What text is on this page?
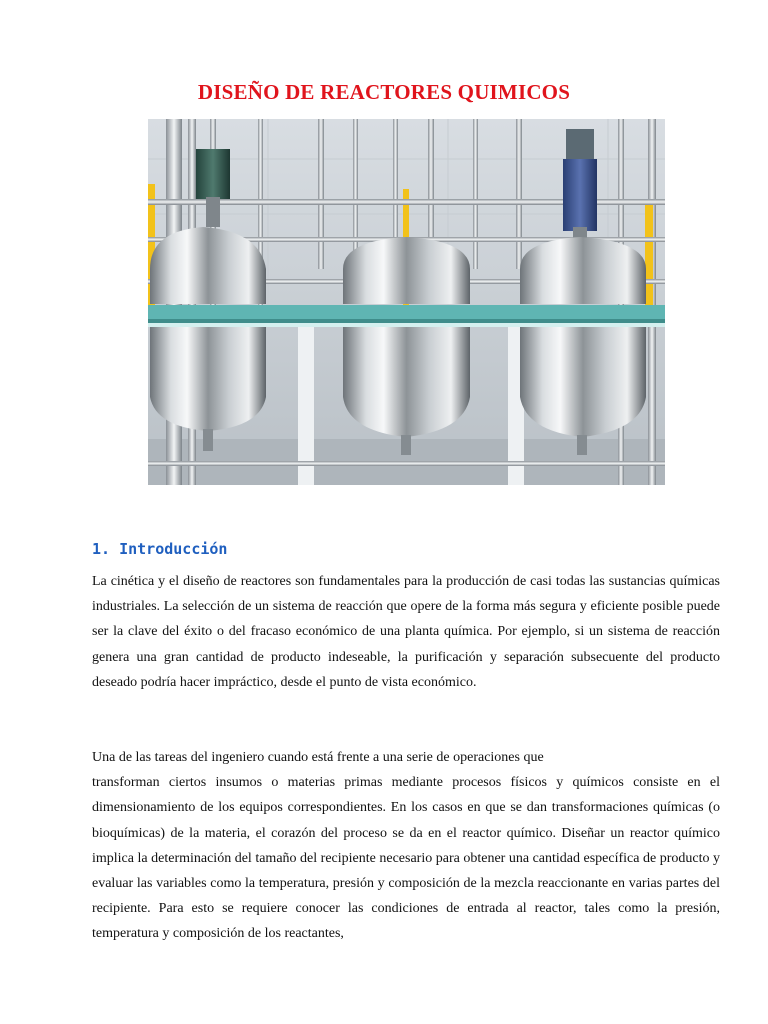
DISEÑO DE REACTORES QUIMICOS
1. Introducción

La cinética y el diseño de reactores son fundamentales para la producción de casi todas las sustancias químicas industriales. La selección de un sistema de reacción que opere de la forma más segura y eficiente posible puede ser la clave del éxito o del fracaso económico de una planta química. Por ejemplo, si un sistema de reacción genera una gran cantidad de producto indeseable, la purificación y separación subsecuente del producto deseado podría hacer impráctico, desde el punto de vista económico.

Una de las tareas del ingeniero cuando está frente a una serie de operaciones que
transforman ciertos insumos o materias primas mediante procesos físicos y químicos consiste en el dimensionamiento de los equipos correspondientes. En los casos en que se dan transformaciones químicas (o bioquímicas) de la materia, el corazón del proceso se da en el reactor químico. Diseñar un reactor químico implica la determinación del tamaño del recipiente necesario para obtener una cantidad específica de producto y evaluar las variables como la temperatura, presión y composición de la mezcla reaccionante en varias partes del recipiente. Para esto se requiere conocer las condiciones de entrada al reactor, tales como la presión, temperatura y composición de los reactantes,
